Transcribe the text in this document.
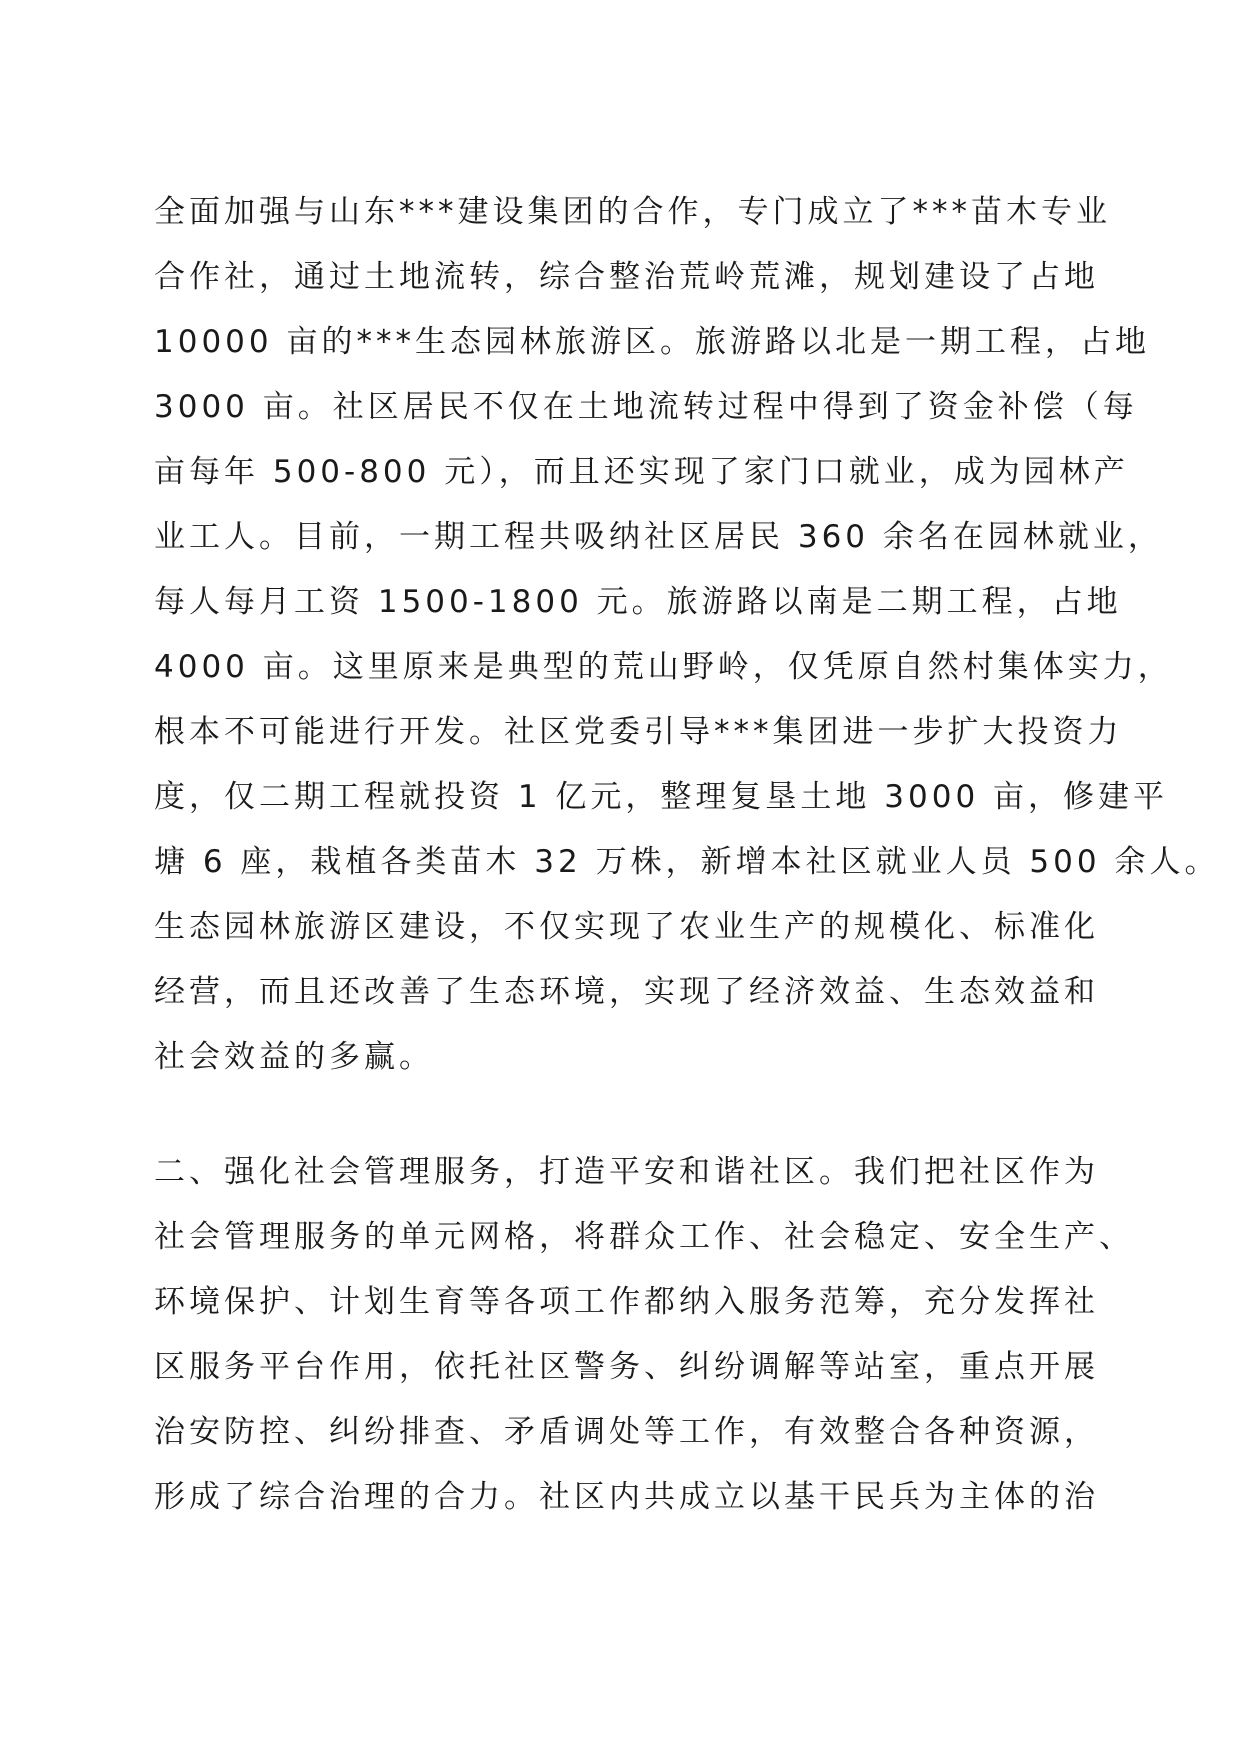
全面加强与山东***建设集团的合作，专门成立了***苗木专业
合作社，通过土地流转，综合整治荒岭荒滩，规划建设了占地
10000 亩的***生态园林旅游区。旅游路以北是一期工程，占地
3000 亩。社区居民不仅在土地流转过程中得到了资金补偿（每
亩每年 500-800 元），而且还实现了家门口就业，成为园林产
业工人。目前，一期工程共吸纳社区居民 360 余名在园林就业，
每人每月工资 1500-1800 元。旅游路以南是二期工程，占地
4000 亩。这里原来是典型的荒山野岭，仅凭原自然村集体实力，
根本不可能进行开发。社区党委引导***集团进一步扩大投资力
度，仅二期工程就投资 1 亿元，整理复垦土地 3000 亩，修建平
塘 6 座，栽植各类苗木 32 万株，新增本社区就业人员 500 余人。
生态园林旅游区建设，不仅实现了农业生产的规模化、标准化
经营，而且还改善了生态环境，实现了经济效益、生态效益和
社会效益的多赢。
二、强化社会管理服务，打造平安和谐社区。我们把社区作为
社会管理服务的单元网格，将群众工作、社会稳定、安全生产、
环境保护、计划生育等各项工作都纳入服务范筹，充分发挥社
区服务平台作用，依托社区警务、纠纷调解等站室，重点开展
治安防控、纠纷排查、矛盾调处等工作，有效整合各种资源，
形成了综合治理的合力。社区内共成立以基干民兵为主体的治
